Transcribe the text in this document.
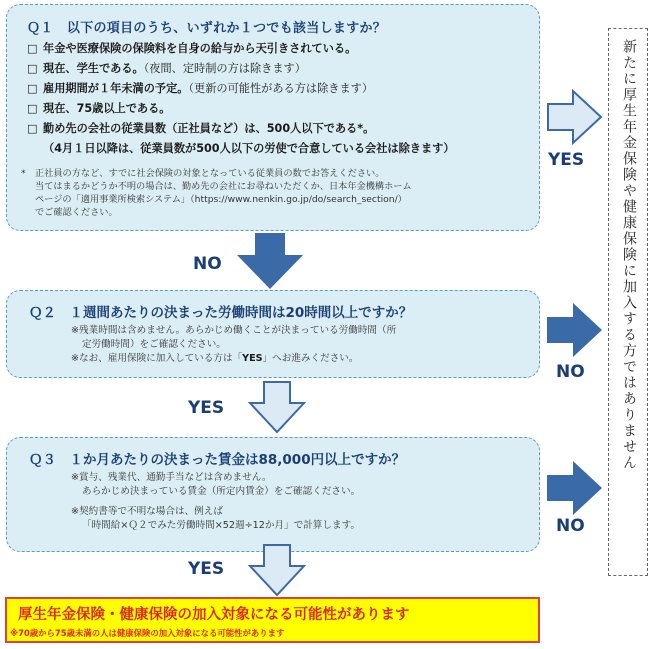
Ｑ１　以下の項目のうち、いずれか１つでも該当しますか？
□ 年金や医療保険の保険料を自身の給与から天引きされている。
□ 現在、学生である。（夜間、定時制の方は除きます）
□ 雇用期間が１年未満の予定。（更新の可能性がある方は除きます）
□ 現在、75歳以上である。
□ 勤め先の会社の従業員数（正社員など）は、500人以下である*。
（4月１日以降は、従業員数が500人以下の労使で合意している会社は除きます）
* 正社員の方など、すでに社会保険の対象となっている従業員の数でお答えください。
当てはまるかどうか不明の場合は、勤め先の会社にお尋ねいただくか、日本年金機構ホーム
ページの「適用事業所検索システム」（https://www.nenkin.go.jp/do/search_section/）
でご確認ください。
Ｑ２　１週間あたりの決まった労働時間は20時間以上ですか？

※残業時間は含めません。あらかじめ働くことが決まっている労働時間（所

定労働時間）をご確認ください。

※なお、雇用保険に加入している方は「YES」へお進みください。

Ｑ３　１か月あたりの決まった賃金は88,000円以上ですか？

※賞与、残業代、通勤手当などは含めません。

あらかじめ決まっている賃金（所定内賃金）をご確認ください。

※契約書等で不明な場合は、例えば

「時間給×Ｑ２でみた労働時間×52週÷12か月」で計算します。

NO
YES
YES
YES
NO
NO
新たに厚生年金保険や健康保険に加入する方ではありません
厚生年金保険・健康保険の加入対象になる可能性があります
※70歳から75歳未満の人は健康保険の加入対象になる可能性があります
